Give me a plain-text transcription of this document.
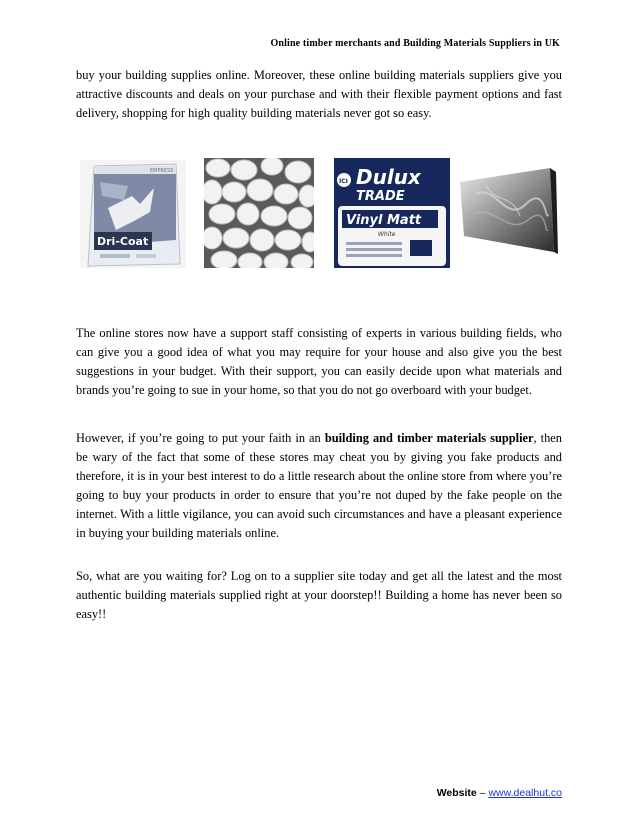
Online timber merchants and Building Materials Suppliers in UK

buy your building supplies online. Moreover, these online building materials suppliers give you attractive discounts and deals on your purchase and with their flexible payment options and fast delivery, shopping for high quality building materials never got so easy.

EMPRESS
Dri-Coat
ICI Dulux
TRADE
Vinyl Matt
White

The online stores now have a support staff consisting of experts in various building fields, who can give you a good idea of what you may require for your house and also give you the best suggestions in your budget. With their support, you can easily decide upon what materials and brands you’re going to sue in your home, so that you do not go overboard with your budget.

However, if you’re going to put your faith in an building and timber materials supplier, then be wary of the fact that some of these stores may cheat you by giving you fake products and therefore, it is in your best interest to do a little research about the online store from where you’re going to buy your products in order to ensure that you’re not duped by the fake people on the internet. With a little vigilance, you can avoid such circumstances and have a pleasant experience in buying your building materials online.

So, what are you waiting for? Log on to a supplier site today and get all the latest and the most authentic building materials supplied right at your doorstep!! Building a home has never been so easy!!

Website – www.dealhut.co
